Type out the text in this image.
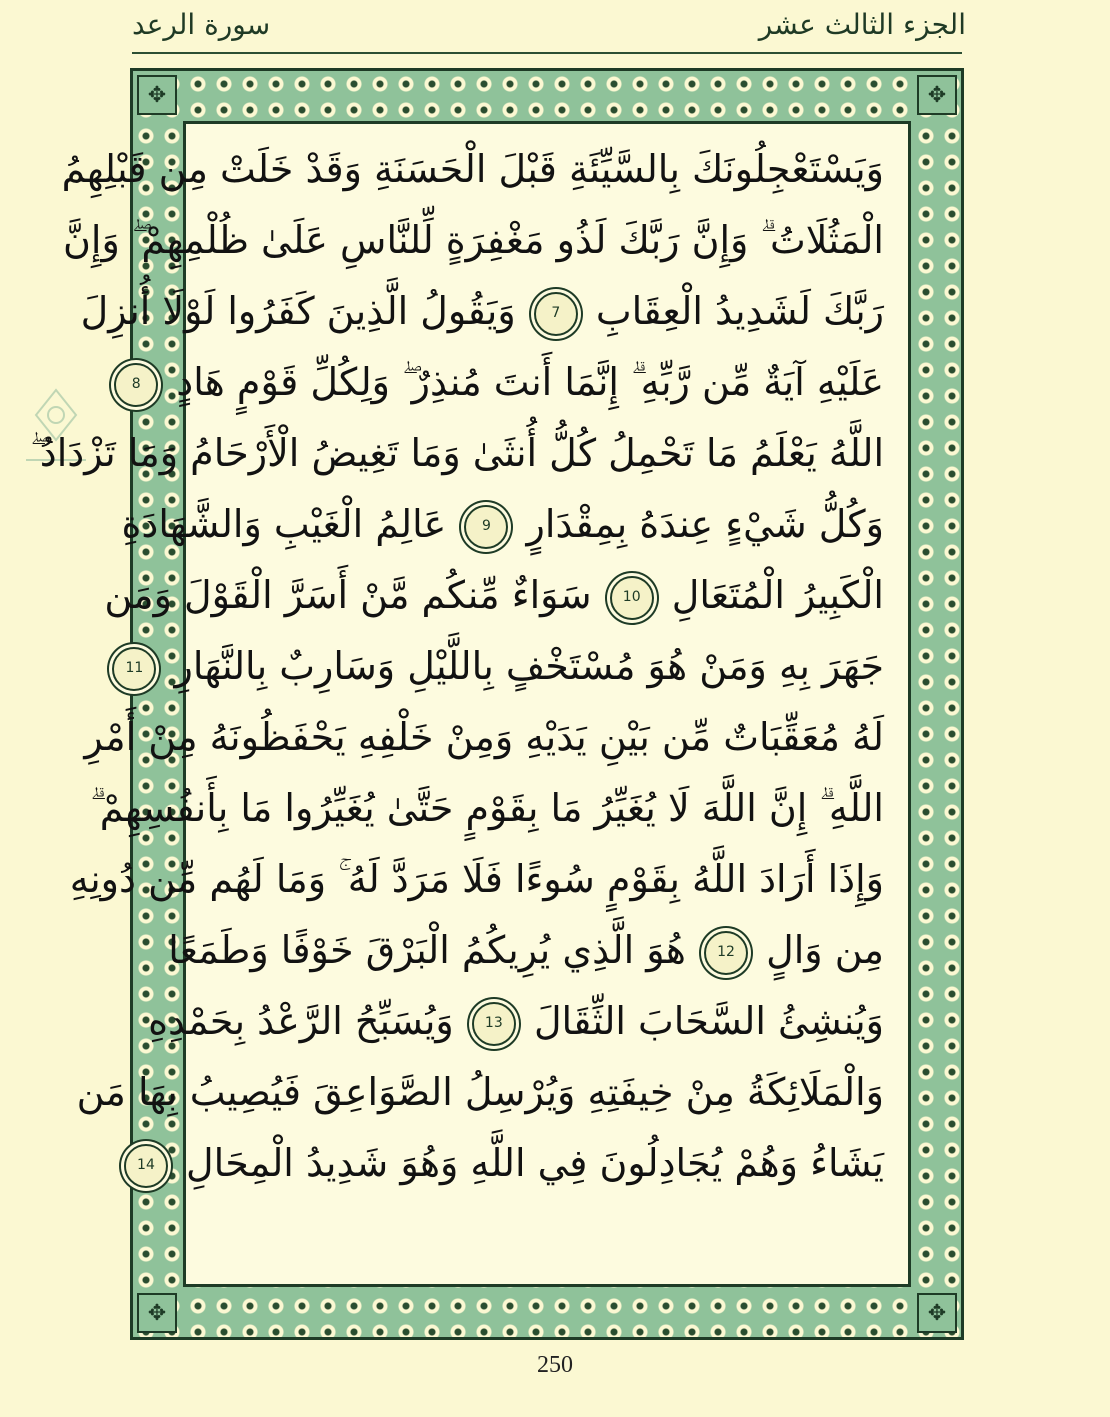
الجزء الثالث عشر
سورة الرعد
✥	✥
✥	✥
وَيَسْتَعْجِلُونَكَ بِالسَّيِّئَةِ قَبْلَ الْحَسَنَةِ وَقَدْ خَلَتْ مِن قَبْلِهِمُ
الْمَثُلَاتُ ۗ وَإِنَّ رَبَّكَ لَذُو مَغْفِرَةٍ لِّلنَّاسِ عَلَىٰ ظُلْمِهِمْ ۖ وَإِنَّ
رَبَّكَ لَشَدِيدُ الْعِقَابِ 7 وَيَقُولُ الَّذِينَ كَفَرُوا لَوْلَا أُنزِلَ
عَلَيْهِ آيَةٌ مِّن رَّبِّهِ ۗ إِنَّمَا أَنتَ مُنذِرٌ ۖ وَلِكُلِّ قَوْمٍ هَادٍ 8
اللَّهُ يَعْلَمُ مَا تَحْمِلُ كُلُّ أُنثَىٰ وَمَا تَغِيضُ الْأَرْحَامُ وَمَا تَزْدَادُ ۖ
وَكُلُّ شَيْءٍ عِندَهُ بِمِقْدَارٍ 9 عَالِمُ الْغَيْبِ وَالشَّهَادَةِ
الْكَبِيرُ الْمُتَعَالِ 10 سَوَاءٌ مِّنكُم مَّنْ أَسَرَّ الْقَوْلَ وَمَن
جَهَرَ بِهِ وَمَنْ هُوَ مُسْتَخْفٍ بِاللَّيْلِ وَسَارِبٌ بِالنَّهَارِ 11
لَهُ مُعَقِّبَاتٌ مِّن بَيْنِ يَدَيْهِ وَمِنْ خَلْفِهِ يَحْفَظُونَهُ مِنْ أَمْرِ
اللَّهِ ۗ إِنَّ اللَّهَ لَا يُغَيِّرُ مَا بِقَوْمٍ حَتَّىٰ يُغَيِّرُوا مَا بِأَنفُسِهِمْ ۗ
وَإِذَا أَرَادَ اللَّهُ بِقَوْمٍ سُوءًا فَلَا مَرَدَّ لَهُ ۚ وَمَا لَهُم مِّن دُونِهِ
مِن وَالٍ 12 هُوَ الَّذِي يُرِيكُمُ الْبَرْقَ خَوْفًا وَطَمَعًا
وَيُنشِئُ السَّحَابَ الثِّقَالَ 13 وَيُسَبِّحُ الرَّعْدُ بِحَمْدِهِ
وَالْمَلَائِكَةُ مِنْ خِيفَتِهِ وَيُرْسِلُ الصَّوَاعِقَ فَيُصِيبُ بِهَا مَن
يَشَاءُ وَهُمْ يُجَادِلُونَ فِي اللَّهِ وَهُوَ شَدِيدُ الْمِحَالِ 14
250
